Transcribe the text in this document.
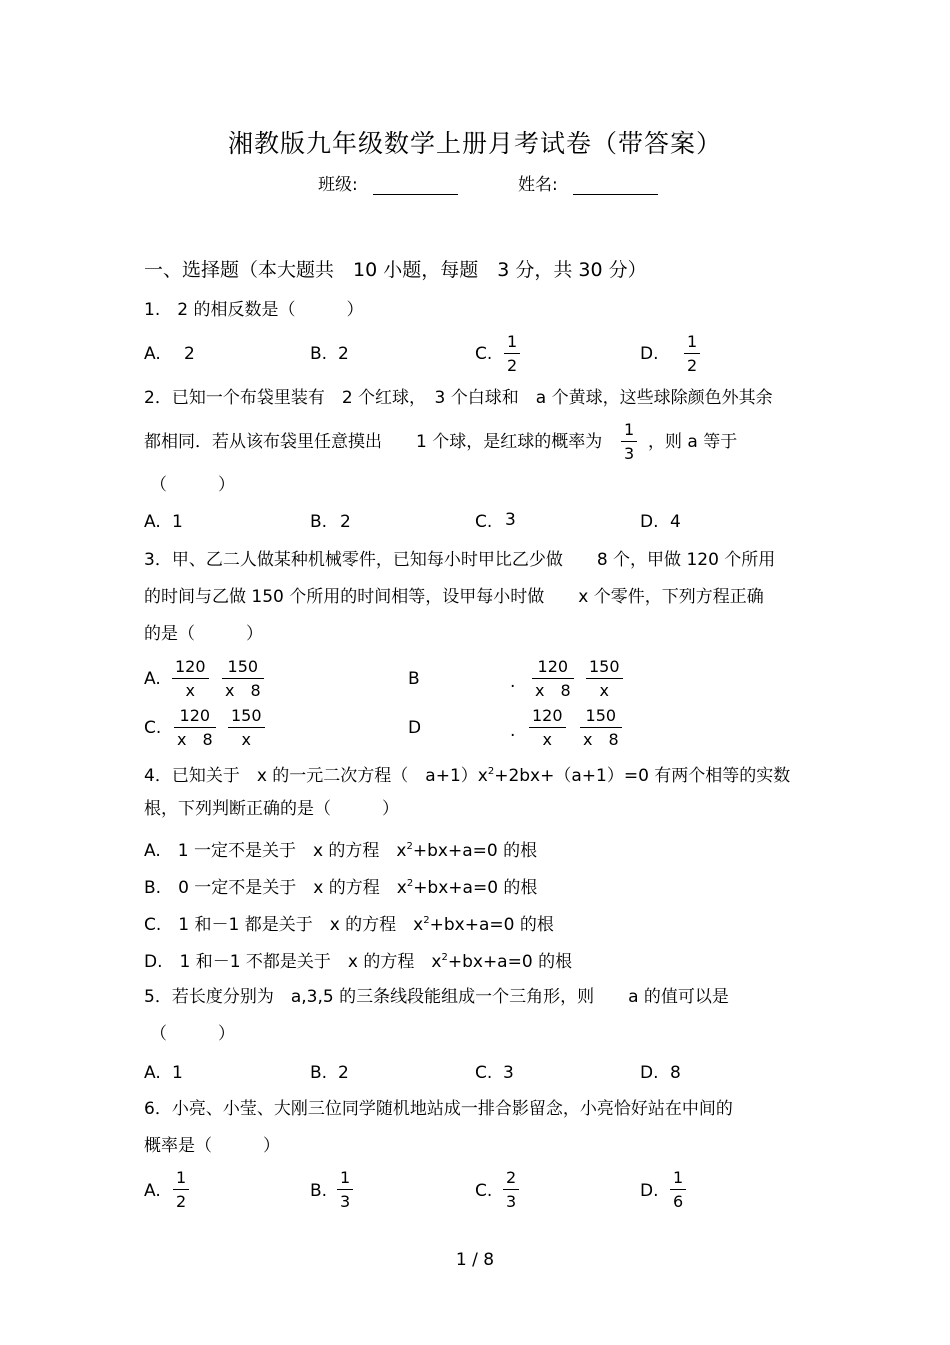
湘教版九年级数学上册月考试卷（带答案）
班级:	姓名:
一、选择题（本大题共　10 小题，每题　3 分，共 30 分）
1.　2 的相反数是（　　　）
A. 2	B. 2	C.
1
2
D.
1
2
2．已知一个布袋里装有　2 个红球，　3 个白球和　a 个黄球，这些球除颜色外其余
都相同．若从该布袋里任意摸出　　1 个球，是红球的概率为
1
3
，则 a 等于
（　　　）
A. 1	B. 2	C. 3	D. 4
3．甲、乙二人做某种机械零件，已知每小时甲比乙少做　　8 个，甲做 120 个所用
的时间与乙做 150 个所用的时间相等，设甲每小时做　　x 个零件，下列方程正确
的是（　　　）
A.
120
x
150
x　8
B	.
120
x　8
150
x
C.
120
x　8
150
x
D	.
120
x
150
x　8
4．已知关于　x 的一元二次方程（　$a+1)x^2+2bx+(a+1)=0$ 有两个相等的实数
根，下列判断正确的是（　　　）
A.　1 一定不是关于　x 的方程　$x^2+bx+a=0$ 的根
B.　0 一定不是关于　x 的方程　$x^2+bx+a=0$ 的根
C.　1 和－1 都是关于　x 的方程　$x^2+bx+a=0$ 的根
D.　1 和－1 不都是关于　x 的方程　$x^2+bx+a=0$ 的根
5．若长度分别为　a,3,5 的三条线段能组成一个三角形，则　　a 的值可以是
（　　　）
A. 1	B. 2	C. 3	D. 8
6．小亮、小莹、大刚三位同学随机地站成一排合影留念，小亮恰好站在中间的
概率是（　　　）
A.
1
2
B.
1
3
C.
2
3
D.
1
6
1 / 8
